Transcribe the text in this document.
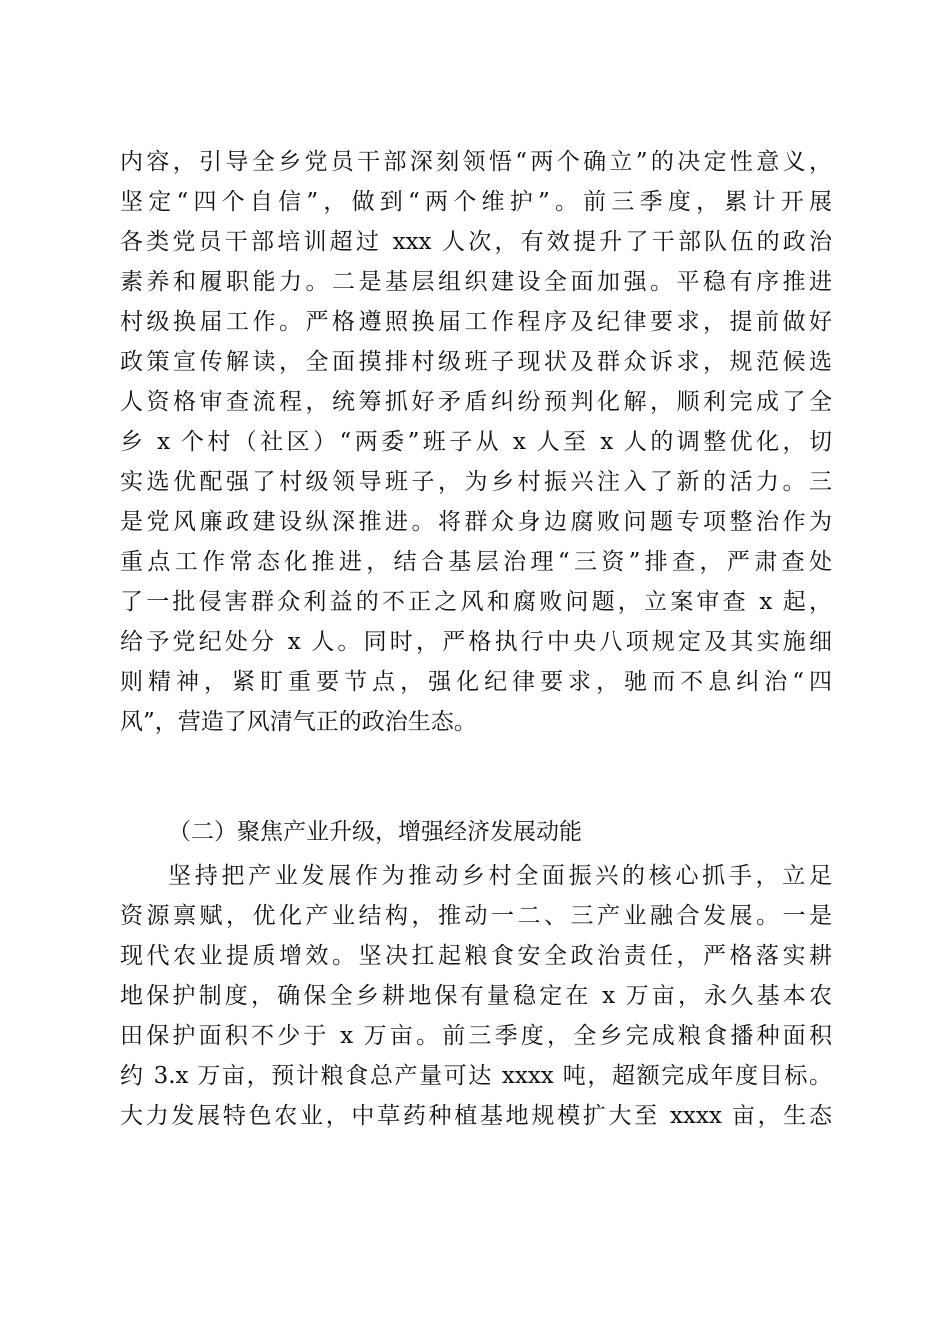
内容，引导全乡党员干部深刻领悟“两个确立”的决定性意义，
坚定“四个自信”，做到“两个维护”。前三季度，累计开展
各类党员干部培训超过 xxx 人次，有效提升了干部队伍的政治
素养和履职能力。二是基层组织建设全面加强。平稳有序推进
村级换届工作。严格遵照换届工作程序及纪律要求，提前做好
政策宣传解读，全面摸排村级班子现状及群众诉求，规范候选
人资格审查流程，统筹抓好矛盾纠纷预判化解，顺利完成了全
乡 x 个村（社区）“两委”班子从 x 人至 x 人的调整优化，切
实选优配强了村级领导班子，为乡村振兴注入了新的活力。三
是党风廉政建设纵深推进。将群众身边腐败问题专项整治作为
重点工作常态化推进，结合基层治理“三资”排查，严肃查处
了一批侵害群众利益的不正之风和腐败问题，立案审查 x 起，
给予党纪处分 x 人。同时，严格执行中央八项规定及其实施细
则精神，紧盯重要节点，强化纪律要求，驰而不息纠治“四
风”，营造了风清气正的政治生态。
（二）聚焦产业升级，增强经济发展动能
坚持把产业发展作为推动乡村全面振兴的核心抓手，立足
资源禀赋，优化产业结构，推动一二、三产业融合发展。一是
现代农业提质增效。坚决扛起粮食安全政治责任，严格落实耕
地保护制度，确保全乡耕地保有量稳定在 x 万亩，永久基本农
田保护面积不少于 x 万亩。前三季度，全乡完成粮食播种面积
约 3.x 万亩，预计粮食总产量可达 xxxx 吨，超额完成年度目标。
大力发展特色农业，中草药种植基地规模扩大至 xxxx 亩，生态
